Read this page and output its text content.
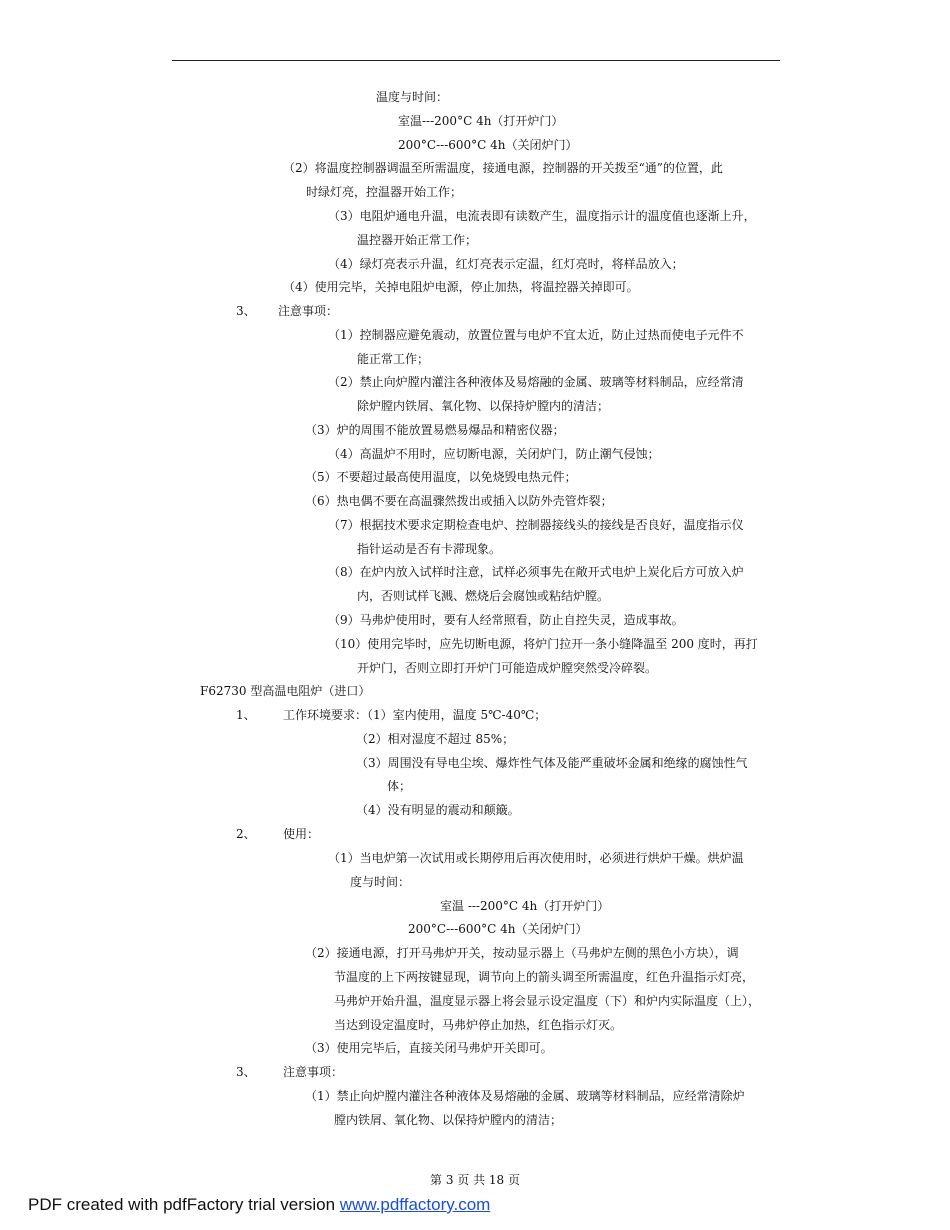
温度与时间：
室温---200°C 4h（打开炉门）
200°C---600°C 4h（关闭炉门）
（2）将温度控制器调温至所需温度，接通电源，控制器的开关拨至“通”的位置，此
时绿灯亮，控温器开始工作；
（3）电阻炉通电升温，电流表即有读数产生，温度指示计的温度值也逐渐上升，
温控器开始正常工作；
（4）绿灯亮表示升温，红灯亮表示定温，红灯亮时，将样品放入；
（4）使用完毕，关掉电阻炉电源，停止加热，将温控器关掉即可。
注意事项：
（1）控制器应避免震动，放置位置与电炉不宜太近，防止过热而使电子元件不
能正常工作；
（2）禁止向炉膛内灌注各种液体及易熔融的金属、玻璃等材料制品，应经常清
除炉膛内铁屑、氧化物、以保持炉膛内的清洁；
（3）炉的周围不能放置易燃易爆品和精密仪器；
（4）高温炉不用时，应切断电源，关闭炉门，防止潮气侵蚀；
（5）不要超过最高使用温度，以免烧毁电热元件；
（6）热电偶不要在高温骤然拨出或插入以防外壳管炸裂；
（7）根据技术要求定期检查电炉、控制器接线头的接线是否良好，温度指示仪
指针运动是否有卡滞现象。
（8）在炉内放入试样时注意，试样必须事先在敞开式电炉上炭化后方可放入炉
内，否则试样飞溅、燃烧后会腐蚀或粘结炉膛。
（9）马弗炉使用时，要有人经常照看，防止自控失灵，造成事故。
（10）使用完毕时，应先切断电源，将炉门拉开一条小缝降温至 200 度时，再打
开炉门，否则立即打开炉门可能造成炉膛突然受冷碎裂。
F62730 型高温电阻炉（进口）
工作环境要求：（1）室内使用，温度 5℃-40℃；
（2）相对湿度不超过 85%；
（3）周围没有导电尘埃、爆炸性气体及能严重破坏金属和绝缘的腐蚀性气
体；
（4）没有明显的震动和颠簸。
使用：
（1）当电炉第一次试用或长期停用后再次使用时，必须进行烘炉干燥。烘炉温
度与时间：
室温 ---200°C 4h（打开炉门）
200°C---600°C 4h（关闭炉门）
（2）接通电源，打开马弗炉开关，按动显示器上（马弗炉左侧的黑色小方块），调
节温度的上下两按键显现，调节向上的箭头调至所需温度，红色升温指示灯亮，
马弗炉开始升温，温度显示器上将会显示设定温度（下）和炉内实际温度（上），
当达到设定温度时，马弗炉停止加热，红色指示灯灭。
（3）使用完毕后，直接关闭马弗炉开关即可。
注意事项：
（1）禁止向炉膛内灌注各种液体及易熔融的金属、玻璃等材料制品，应经常清除炉
膛内铁屑、氧化物、以保持炉膛内的清洁；
3、
1、
2、
3、
第 3 页 共 18 页
PDF created with pdfFactory trial version www.pdffactory.com
